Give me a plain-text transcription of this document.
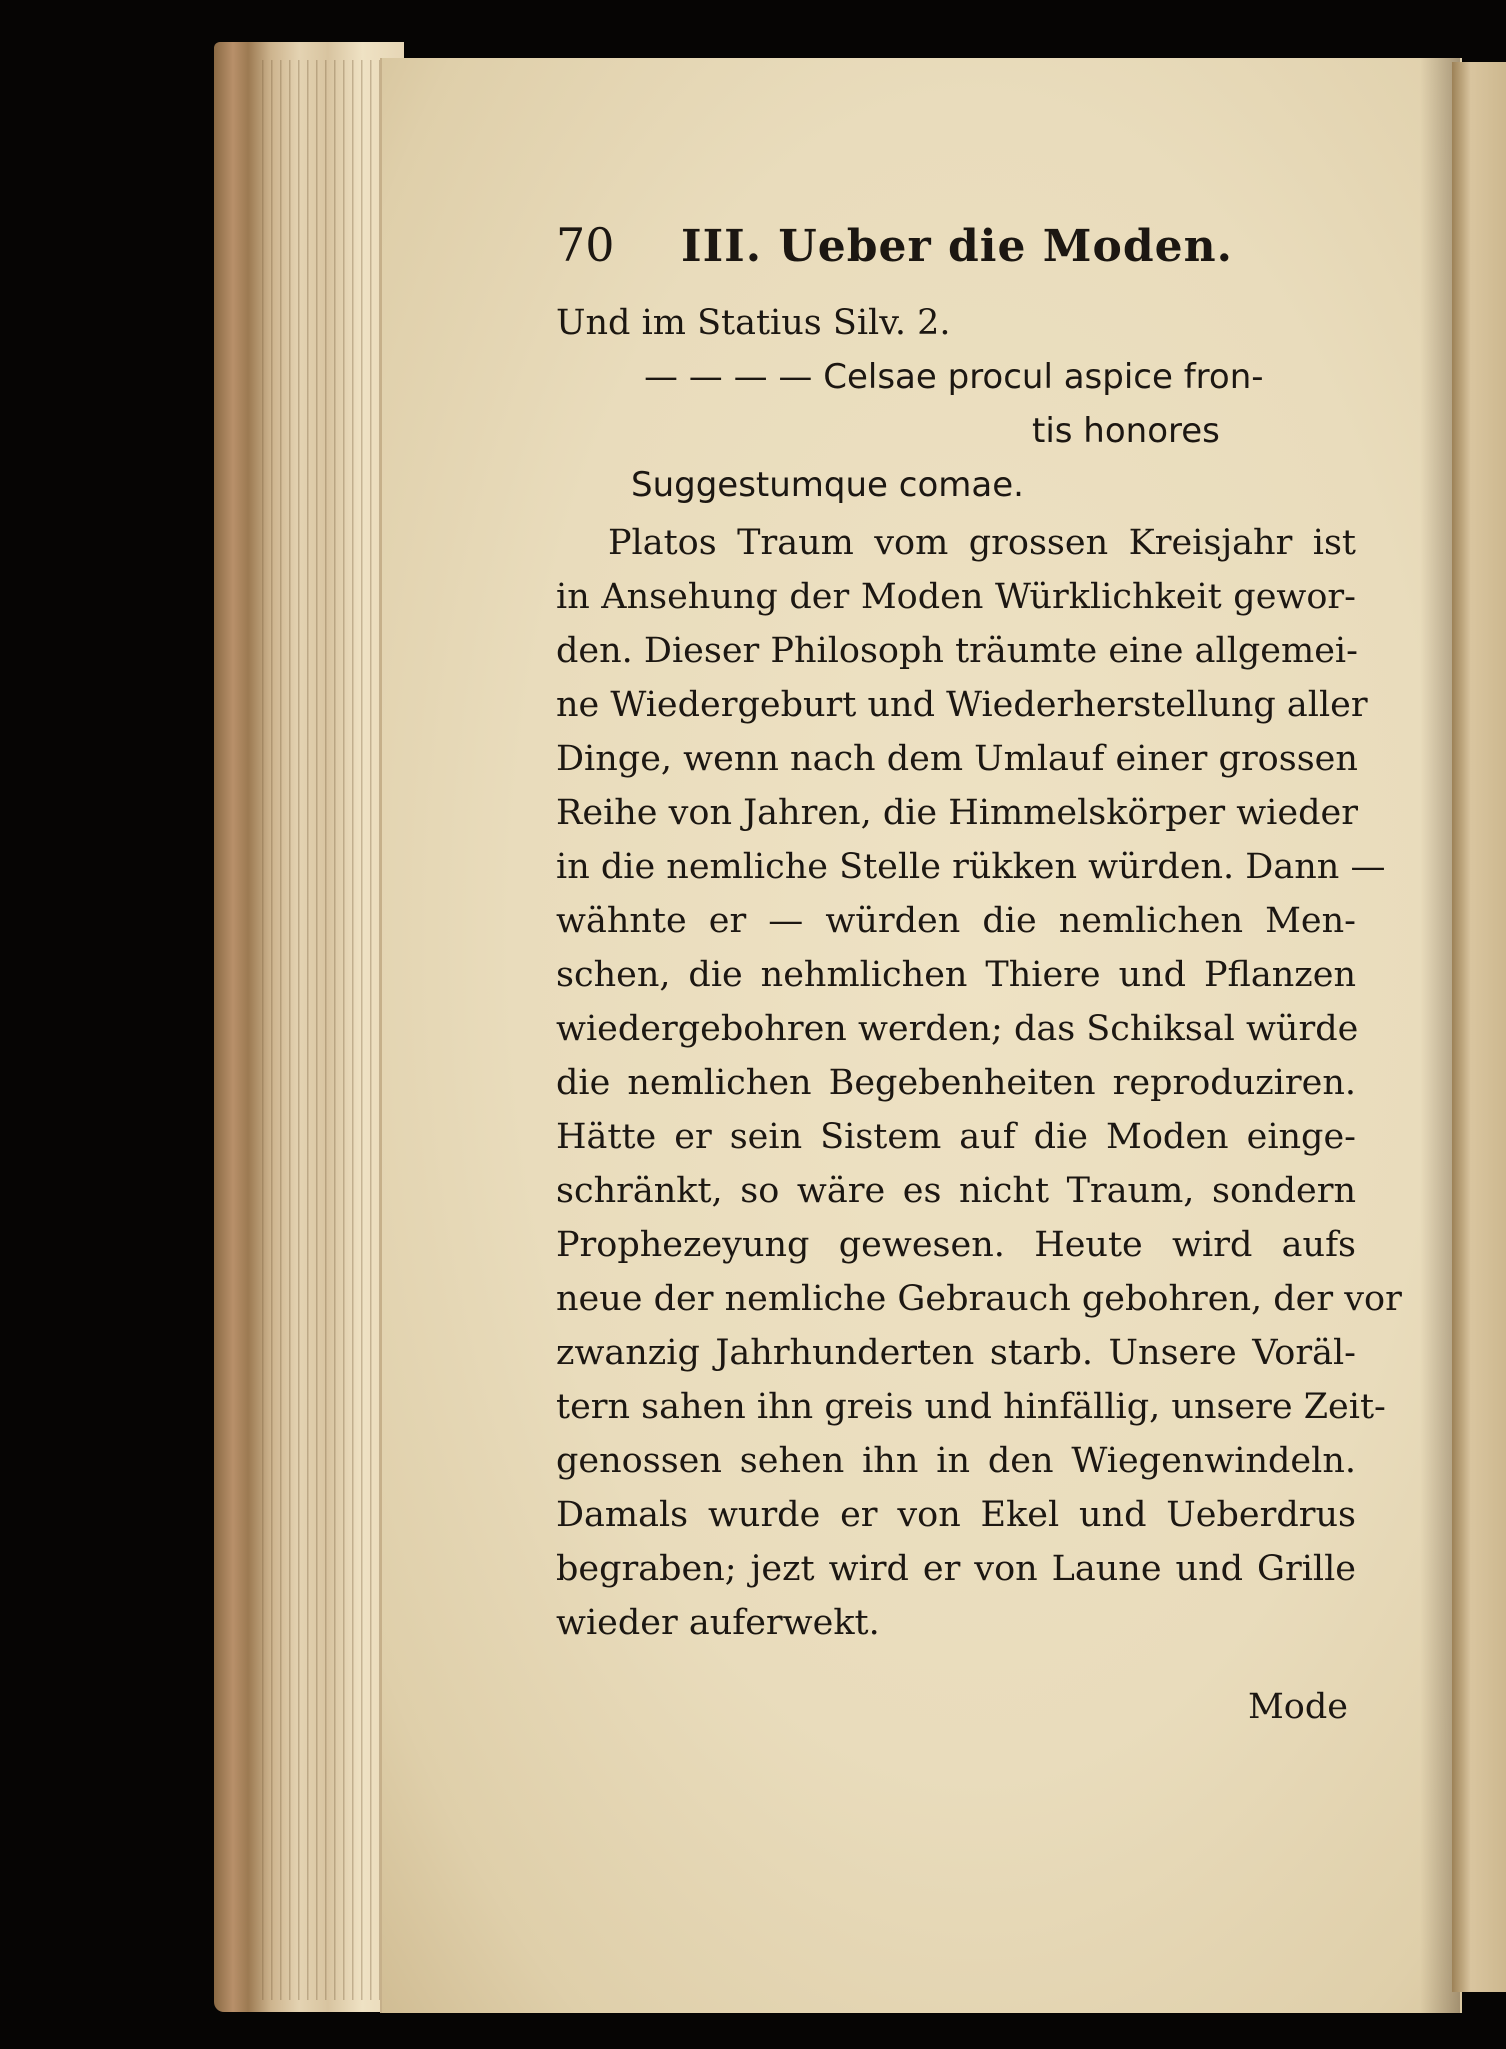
70	III. Ueber die Moden.
Und im Statius Silv. 2.
— — — — Celsae procul aspice fron-
tis honores
Suggestumque comae.
Platos Traum vom grossen Kreisjahr ist
in Ansehung der Moden Würklichkeit gewor-
den. Dieser Philosoph träumte eine allgemei-
ne Wiedergeburt und Wiederherstellung aller
Dinge, wenn nach dem Umlauf einer grossen
Reihe von Jahren, die Himmelskörper wieder
in die nemliche Stelle rükken würden. Dann —
wähnte er — würden die nemlichen Men-
schen, die nehmlichen Thiere und Pflanzen
wiedergebohren werden; das Schiksal würde
die nemlichen Begebenheiten reproduziren.
Hätte er sein Sistem auf die Moden einge-
schränkt, so wäre es nicht Traum, sondern
Prophezeyung gewesen. Heute wird aufs
neue der nemliche Gebrauch gebohren, der vor
zwanzig Jahrhunderten starb. Unsere Voräl-
tern sahen ihn greis und hinfällig, unsere Zeit-
genossen sehen ihn in den Wiegenwindeln.
Damals wurde er von Ekel und Ueberdrus
begraben; jezt wird er von Laune und Grille
wieder auferwekt.
Mode
